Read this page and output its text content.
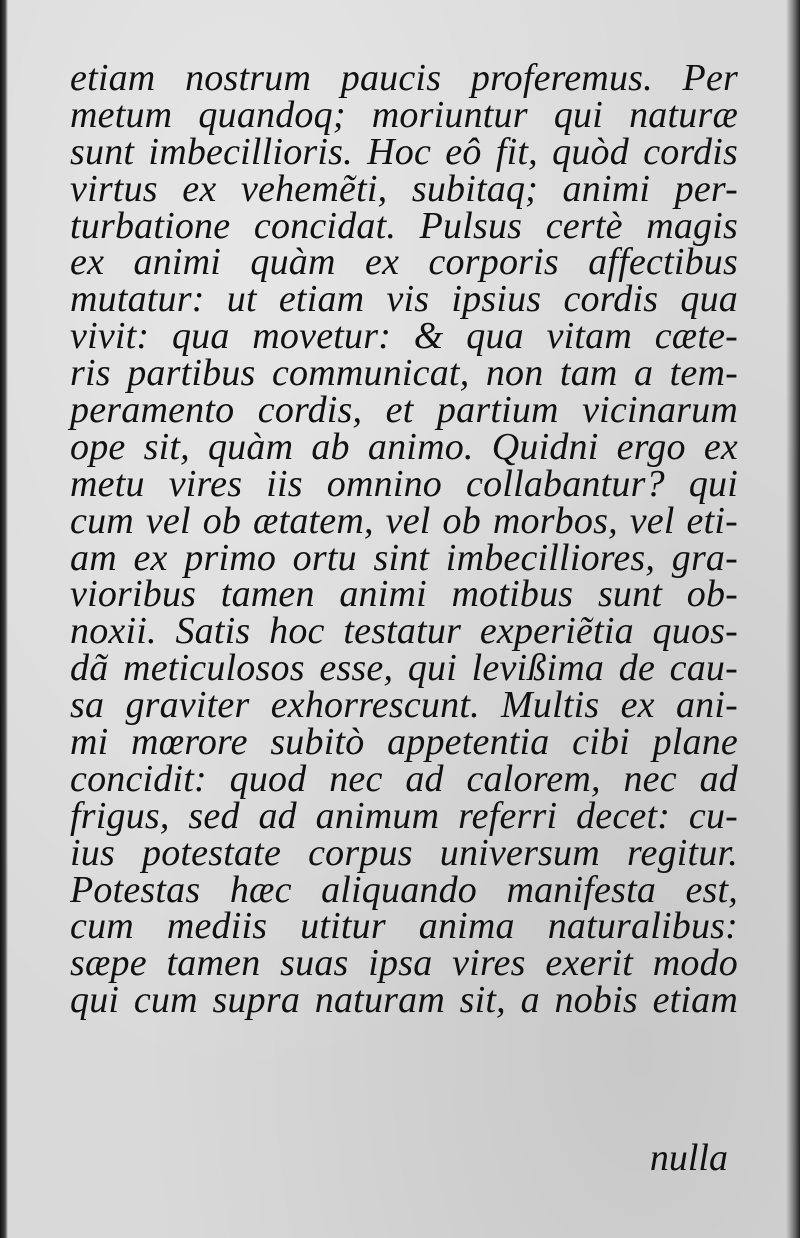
etiam nostrum paucis proferemus. Per
metum quandoq; moriuntur qui naturæ
sunt imbecillioris. Hoc eô fit, quòd cordis
virtus ex vehemẽti, subitaq; animi per-
turbatione concidat. Pulsus certè magis
ex animi quàm ex corporis affectibus
mutatur: ut etiam vis ipsius cordis qua
vivit: qua movetur: & qua vitam cæte-
ris partibus communicat, non tam a tem-
peramento cordis, et partium vicinarum
ope sit, quàm ab animo. Quidni ergo ex
metu vires iis omnino collabantur? qui
cum vel ob ætatem, vel ob morbos, vel eti-
am ex primo ortu sint imbecilliores, gra-
vioribus tamen animi motibus sunt ob-
noxii. Satis hoc testatur experiẽtia quos-
dã meticulosos esse, qui levißima de cau-
sa graviter exhorrescunt. Multis ex ani-
mi mœrore subitò appetentia cibi plane
concidit: quod nec ad calorem, nec ad
frigus, sed ad animum referri decet: cu-
ius potestate corpus universum regitur.
Potestas hæc aliquando manifesta est,
cum mediis utitur anima naturalibus:
sæpe tamen suas ipsa vires exerit modo
qui cum supra naturam sit, a nobis etiam
nulla
